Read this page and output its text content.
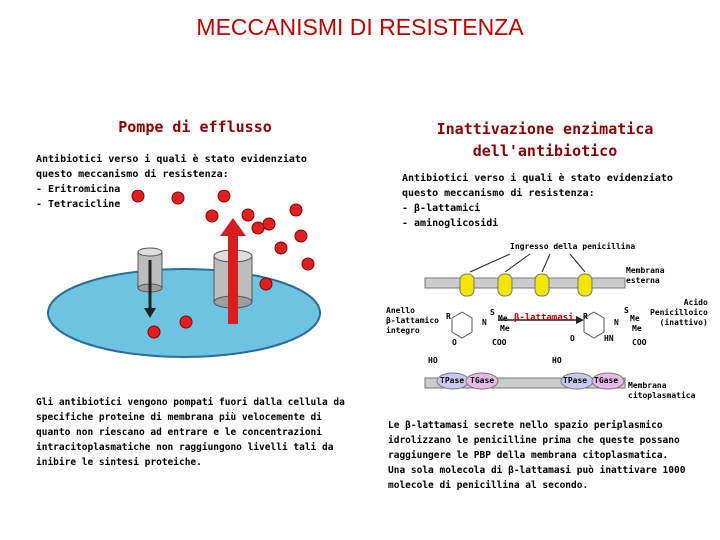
MECCANISMI DI RESISTENZA
Pompe di efflusso
Antibiotici verso i quali è stato evidenziato
questo meccanismo di resistenza:
- Eritromicina
- Tetracicline
Gli antibiotici vengono pompati fuori dalla cellula da
specifiche proteine di membrana più velocemente di
quanto non riescano ad entrare e le concentrazioni
intracitoplasmatiche non raggiungono livelli tali da
inibire le sintesi proteiche.
Inattivazione enzimatica dell'antibiotico
Antibiotici verso i quali è stato evidenziato
questo meccanismo di resistenza:
- β-lattamici
- aminoglicosidi
Ingresso della penicillina
Membrana
esterna
Acido
Penicilloico
(inattivo)
Anello
β-lattamico
integro
β-lattamasi
Membrana
citoplasmatica
TPase TGase	TPase TGase
R
N
S
Me
Me
O	COO
HO
R
N
S
Me
Me
O	HN COO
HO
Le β-lattamasi secrete nello spazio periplasmico
idrolizzano le penicilline prima che queste possano
raggiungere le PBP della membrana citoplasmatica.
Una sola molecola di β-lattamasi può inattivare 1000
molecole di penicillina al secondo.
